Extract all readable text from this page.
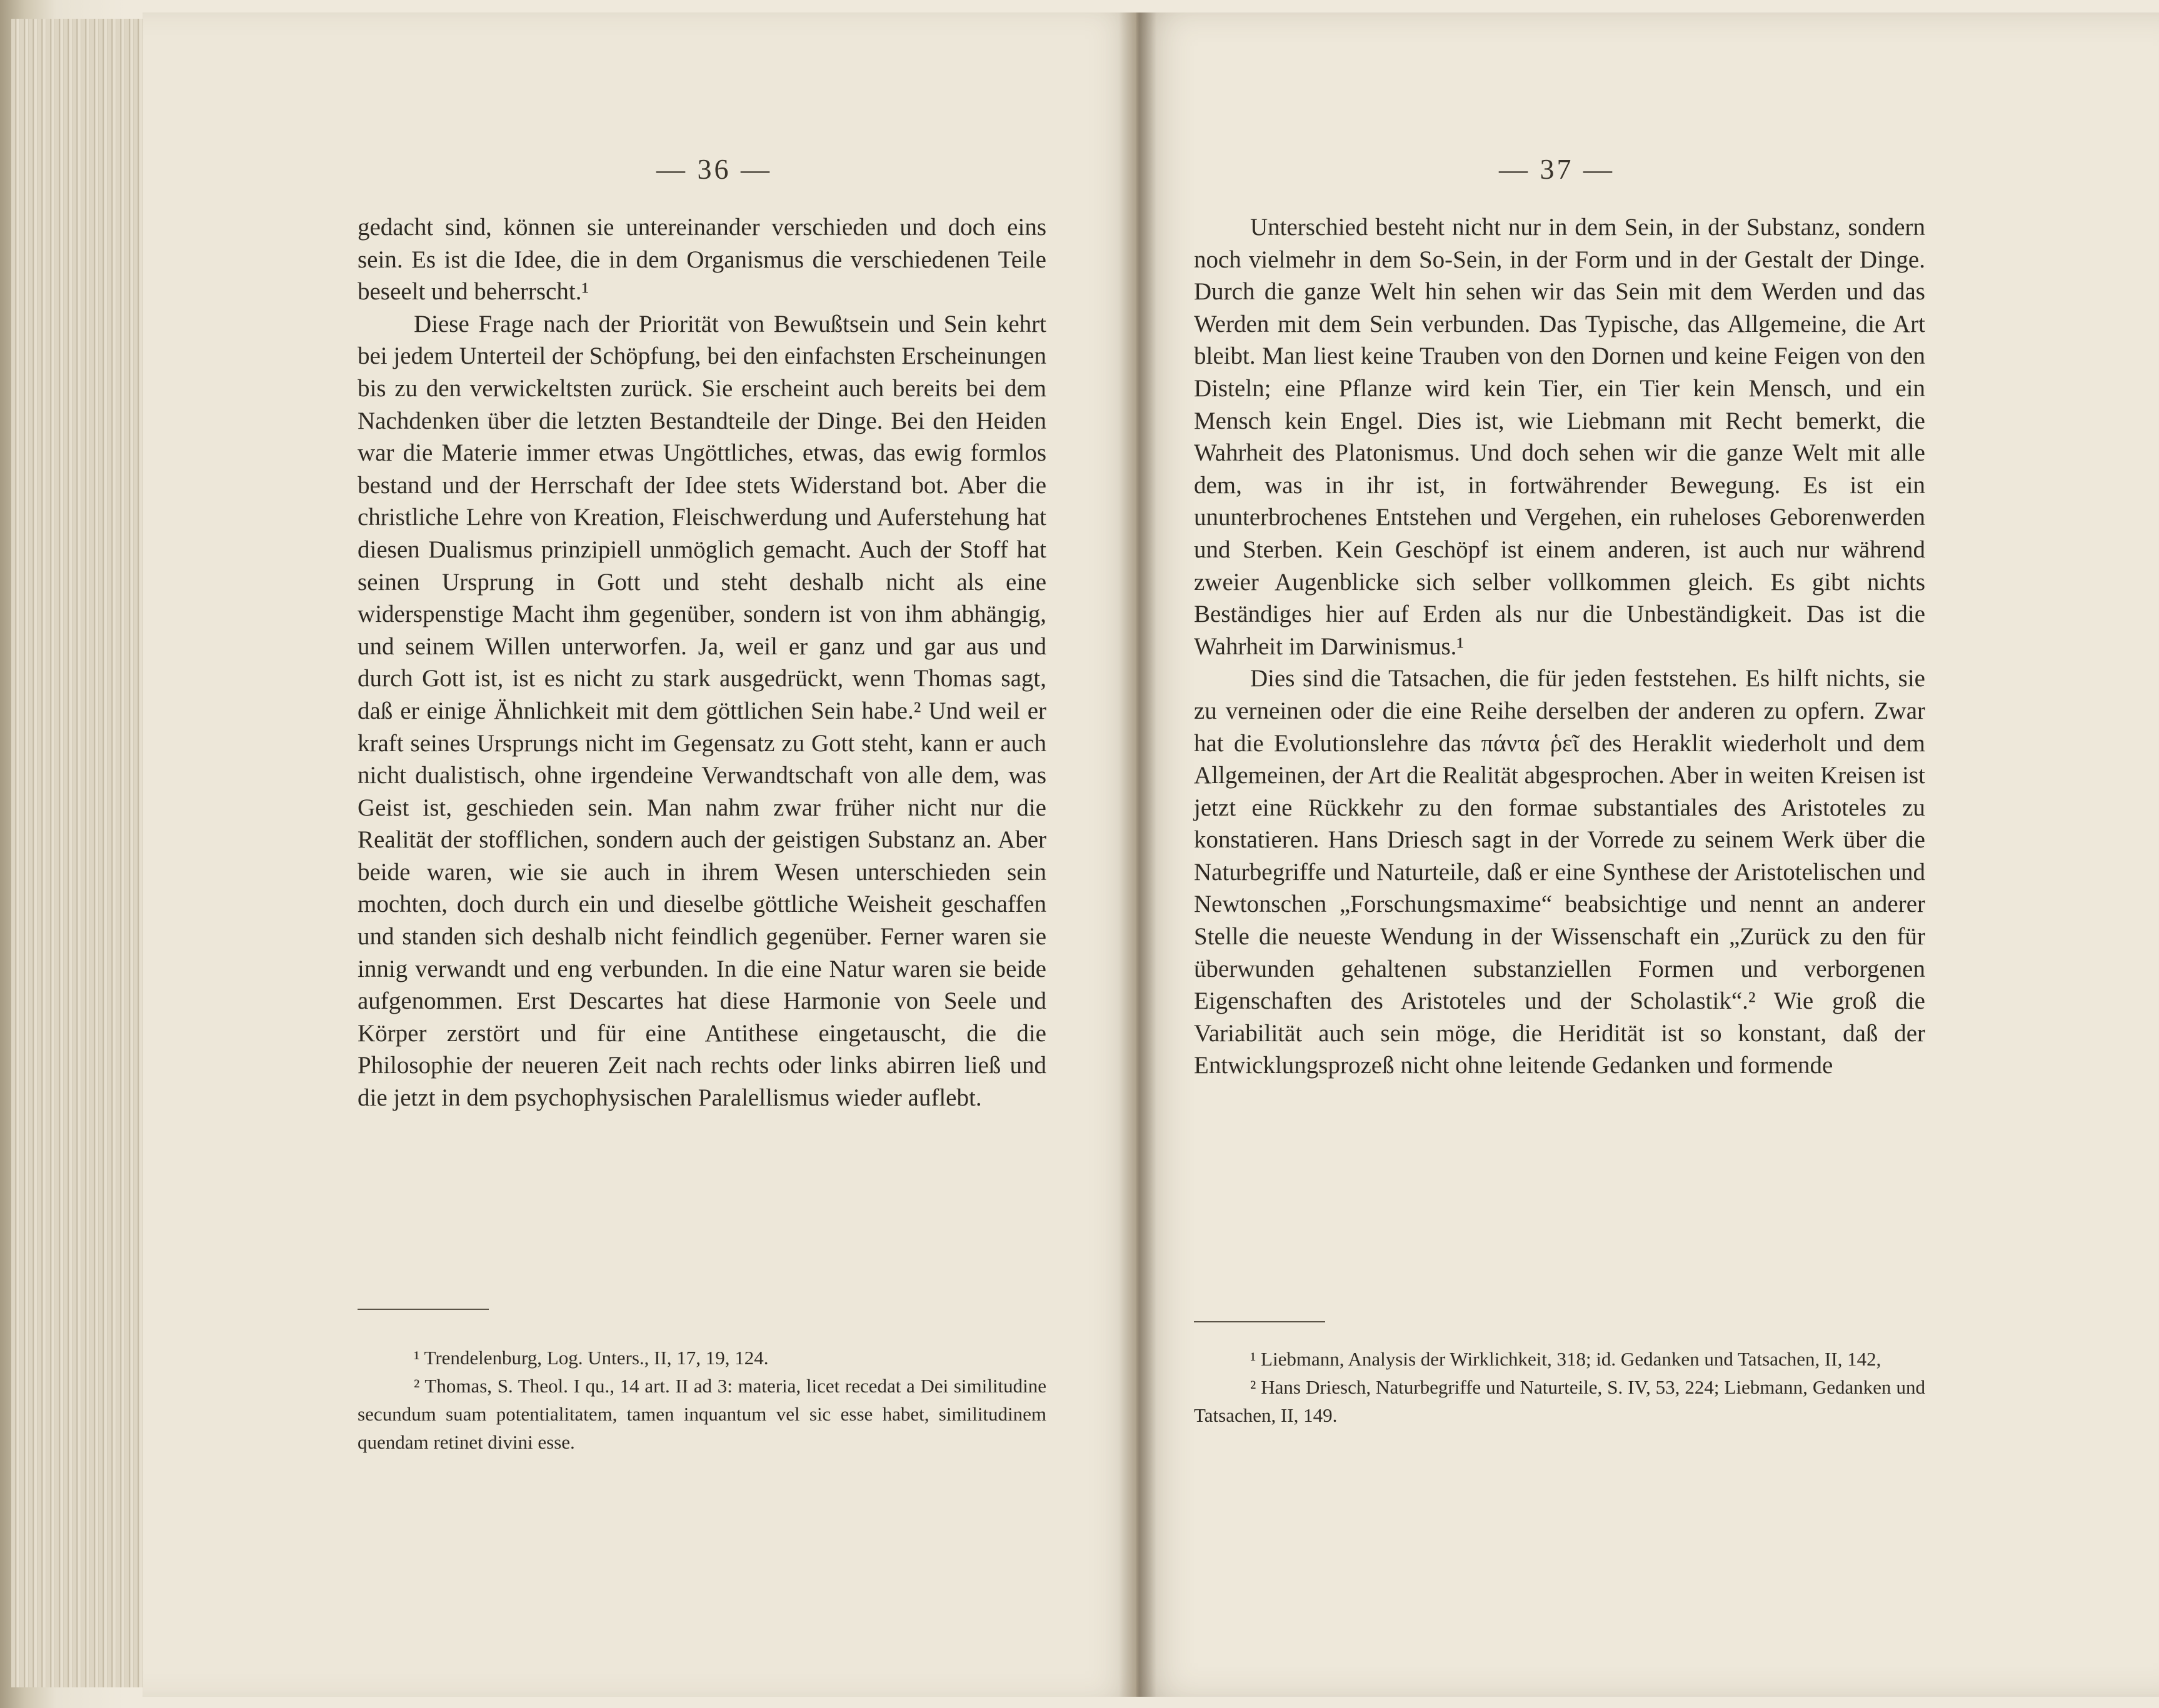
— 36 —

gedacht sind, können sie untereinander verschieden und doch eins sein. Es ist die Idee, die in dem Organismus die verschiedenen Teile beseelt und beherrscht.¹

Diese Frage nach der Priorität von Bewußtsein und Sein kehrt bei jedem Unterteil der Schöpfung, bei den einfachsten Erscheinungen bis zu den verwickeltsten zurück. Sie erscheint auch bereits bei dem Nachdenken über die letzten Bestandteile der Dinge. Bei den Heiden war die Materie immer etwas Ungöttliches, etwas, das ewig formlos bestand und der Herrschaft der Idee stets Widerstand bot. Aber die christliche Lehre von Kreation, Fleischwerdung und Auferstehung hat diesen Dualismus prinzipiell unmöglich gemacht. Auch der Stoff hat seinen Ursprung in Gott und steht deshalb nicht als eine widerspenstige Macht ihm gegenüber, sondern ist von ihm abhängig, und seinem Willen unterworfen. Ja, weil er ganz und gar aus und durch Gott ist, ist es nicht zu stark ausgedrückt, wenn Thomas sagt, daß er einige Ähnlichkeit mit dem göttlichen Sein habe.² Und weil er kraft seines Ursprungs nicht im Gegensatz zu Gott steht, kann er auch nicht dualistisch, ohne irgendeine Verwandtschaft von alle dem, was Geist ist, geschieden sein. Man nahm zwar früher nicht nur die Realität der stofflichen, sondern auch der geistigen Substanz an. Aber beide waren, wie sie auch in ihrem Wesen unterschieden sein mochten, doch durch ein und dieselbe göttliche Weisheit geschaffen und standen sich deshalb nicht feindlich gegenüber. Ferner waren sie innig verwandt und eng verbunden. In die eine Natur waren sie beide aufgenommen. Erst Descartes hat diese Harmonie von Seele und Körper zerstört und für eine Antithese eingetauscht, die die Philosophie der neueren Zeit nach rechts oder links abirren ließ und die jetzt in dem psychophysischen Paralellismus wieder auflebt.

¹ Trendelenburg, Log. Unters., II, 17, 19, 124.

² Thomas, S. Theol. I qu., 14 art. II ad 3: materia, licet recedat a Dei similitudine secundum suam potentialitatem, tamen inquantum vel sic esse habet, similitudinem quendam retinet divini esse.

— 37 —

Unterschied besteht nicht nur in dem Sein, in der Substanz, sondern noch vielmehr in dem So-Sein, in der Form und in der Gestalt der Dinge. Durch die ganze Welt hin sehen wir das Sein mit dem Werden und das Werden mit dem Sein verbunden. Das Typische, das Allgemeine, die Art bleibt. Man liest keine Trauben von den Dornen und keine Feigen von den Disteln; eine Pflanze wird kein Tier, ein Tier kein Mensch, und ein Mensch kein Engel. Dies ist, wie Liebmann mit Recht bemerkt, die Wahrheit des Platonismus. Und doch sehen wir die ganze Welt mit alle dem, was in ihr ist, in fortwährender Bewegung. Es ist ein ununterbrochenes Entstehen und Vergehen, ein ruheloses Geborenwerden und Sterben. Kein Geschöpf ist einem anderen, ist auch nur während zweier Augenblicke sich selber vollkommen gleich. Es gibt nichts Beständiges hier auf Erden als nur die Unbeständigkeit. Das ist die Wahrheit im Darwinismus.¹

Dies sind die Tatsachen, die für jeden feststehen. Es hilft nichts, sie zu verneinen oder die eine Reihe derselben der anderen zu opfern. Zwar hat die Evolutionslehre das πάντα ῥεῖ des Heraklit wiederholt und dem Allgemeinen, der Art die Realität abgesprochen. Aber in weiten Kreisen ist jetzt eine Rückkehr zu den formae substantiales des Aristoteles zu konstatieren. Hans Driesch sagt in der Vorrede zu seinem Werk über die Naturbegriffe und Naturteile, daß er eine Synthese der Aristotelischen und Newtonschen „Forschungsmaxime“ beabsichtige und nennt an anderer Stelle die neueste Wendung in der Wissenschaft ein „Zurück zu den für überwunden gehaltenen substanziellen Formen und verborgenen Eigenschaften des Aristoteles und der Scholastik“.² Wie groß die Variabilität auch sein möge, die Heridität ist so konstant, daß der Entwicklungsprozeß nicht ohne leitende Gedanken und formende

¹ Liebmann, Analysis der Wirklichkeit, 318; id. Gedanken und Tatsachen, II, 142,

² Hans Driesch, Naturbegriffe und Naturteile, S. IV, 53, 224; Liebmann, Gedanken und Tatsachen, II, 149.
